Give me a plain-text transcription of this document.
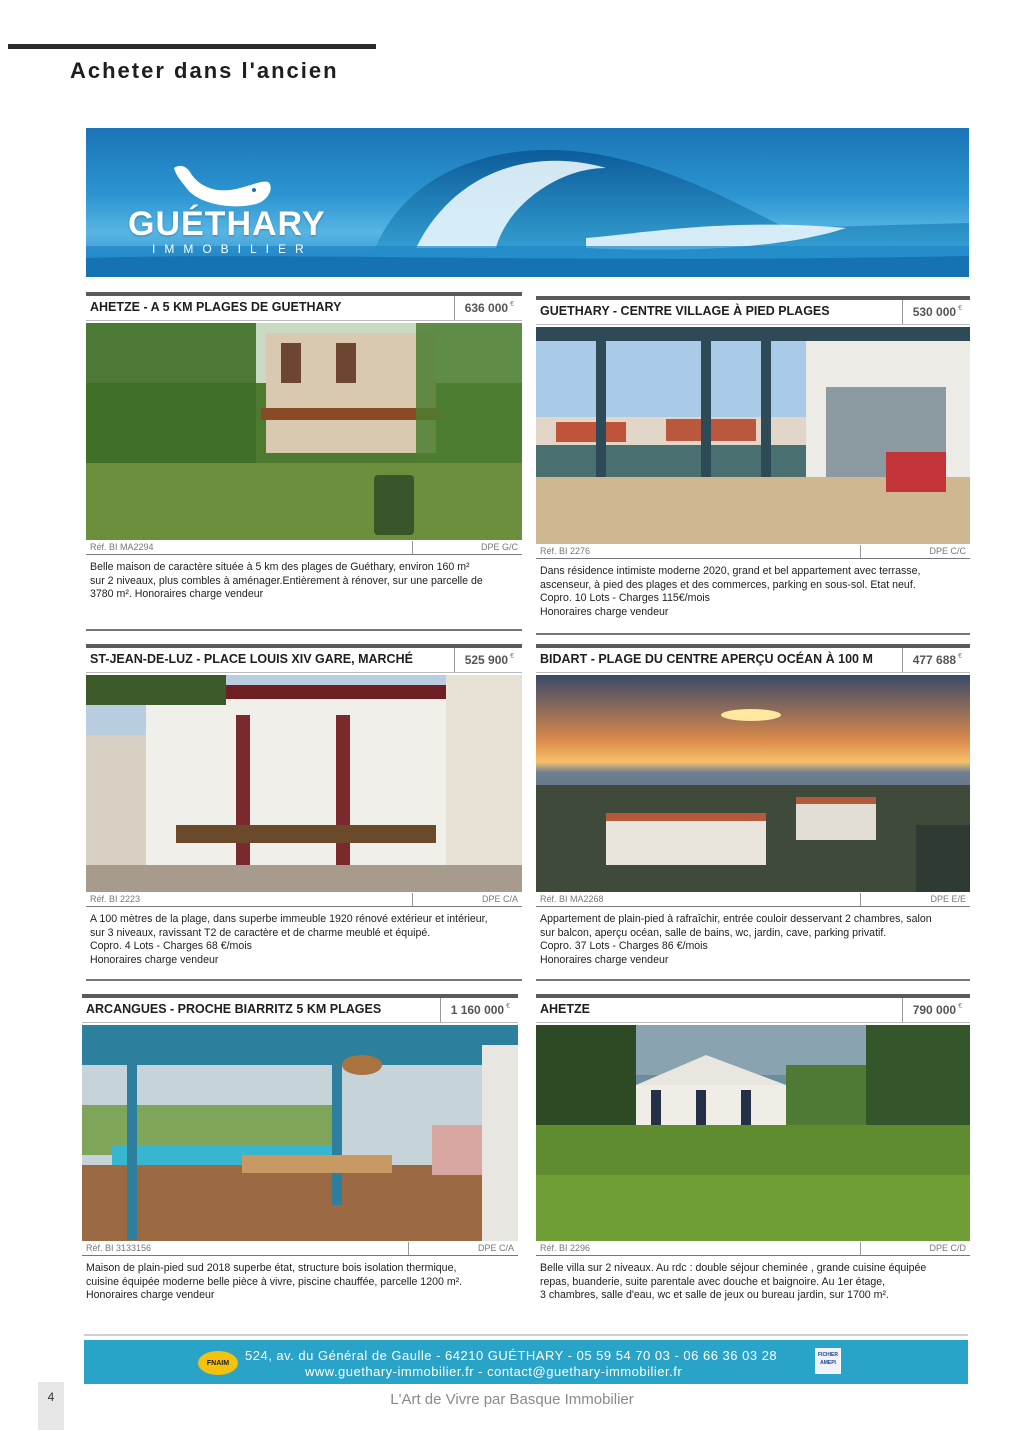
Acheter dans l'ancien
GUÉTHARY
IMMOBILIER
AHETZE - A 5 KM PLAGES DE GUETHARY	636 000 €
Réf. BI MA2294	DPE G/C
Belle maison de caractère située à 5 km des plages de Guéthary, environ 160 m²
sur 2 niveaux, plus combles à aménager.Entièrement à rénover, sur une parcelle de
3780 m². Honoraires charge vendeur
GUETHARY - CENTRE VILLAGE À PIED PLAGES	530 000 €
Réf. BI 2276	DPE C/C
Dans résidence intimiste moderne 2020, grand et bel appartement avec terrasse,
ascenseur, à pied des plages et des commerces, parking en sous-sol. Etat neuf.
Copro. 10 Lots - Charges 115€/mois
Honoraires charge vendeur
ST-JEAN-DE-LUZ - PLACE LOUIS XIV GARE, MARCHÉ	525 900 €
Réf. BI 2223	DPE C/A
A 100 mètres de la plage, dans superbe immeuble 1920 rénové extérieur et intérieur,
sur 3 niveaux, ravissant T2 de caractère et de charme meublé et équipé.
Copro. 4 Lots - Charges 68 €/mois
Honoraires charge vendeur
BIDART - PLAGE DU CENTRE APERÇU OCÉAN À 100 M	477 688 €
Réf. BI MA2268	DPE E/E
Appartement de plain-pied à rafraîchir, entrée couloir desservant 2 chambres, salon
sur balcon, aperçu océan, salle de bains, wc, jardin, cave, parking privatif.
Copro. 37 Lots - Charges 86 €/mois
Honoraires charge vendeur
ARCANGUES - PROCHE BIARRITZ 5 KM PLAGES	1 160 000 €
Réf. BI 3133156	DPE C/A
Maison de plain-pied sud 2018 superbe état, structure bois isolation thermique,
cuisine équipée moderne belle pièce à vivre, piscine chauffée, parcelle 1200 m².
Honoraires charge vendeur
AHETZE	790 000 €
Réf. BI 2296	DPE C/D
Belle villa sur 2 niveaux. Au rdc : double séjour cheminée , grande cuisine équipée
repas, buanderie, suite parentale avec douche et baignoire. Au 1er étage,
3 chambres, salle d'eau, wc et salle de jeux ou bureau jardin, sur 1700 m².
FNAIM	524, av. du Général de Gaulle - 64210 GUÉTHARY - 05 59 54 70 03 - 06 66 36 03 28
www.guethary-immobilier.fr - contact@guethary-immobilier.fr
FICHIER AMEPI
4	L'Art de Vivre par Basque Immobilier
